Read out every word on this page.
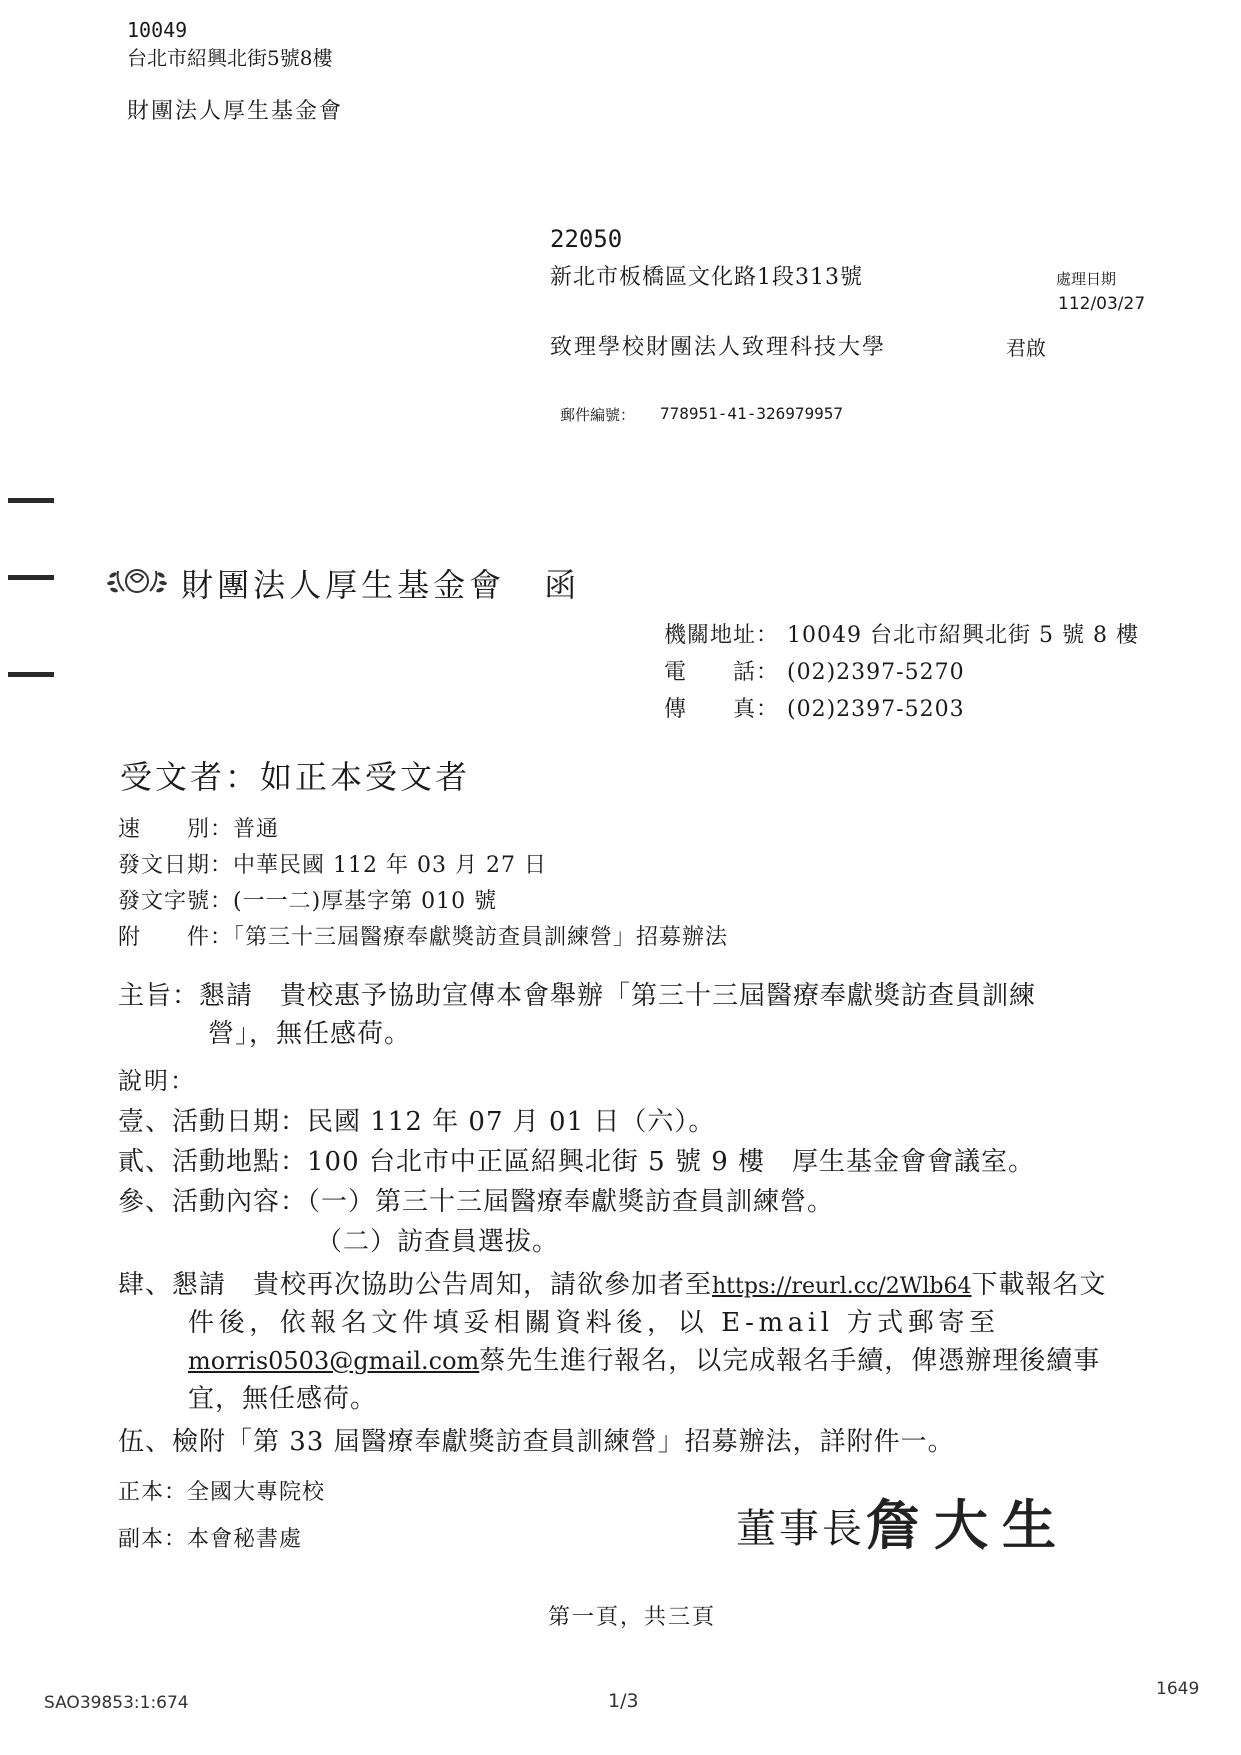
10049
台北市紹興北街5號8樓
財團法人厚生基金會
22050
新北市板橋區文化路1段313號	處理日期
112/03/27
致理學校財團法人致理科技大學	君啟
郵件編號： 778951-41-326979957
財團法人厚生基金會 函
機關地址： 10049 台北市紹興北街 5 號 8 樓
電　　話： (02)2397-5270
傳　　真： (02)2397-5203
受文者：如正本受文者
速　　別：普通
發文日期：中華民國 112 年 03 月 27 日
發文字號：(一一二)厚基字第 010 號
附　　件：「第三十三屆醫療奉獻獎訪查員訓練營」招募辦法
主旨：懇請　貴校惠予協助宣傳本會舉辦「第三十三屆醫療奉獻獎訪查員訓練
營」，無任感荷。
說明：
壹、活動日期：民國 112 年 07 月 01 日（六）。
貳、活動地點：100 台北市中正區紹興北街 5 號 9 樓　厚生基金會會議室。
參、活動內容：（一）第三十三屆醫療奉獻獎訪查員訓練營。
（二）訪查員選拔。
肆、懇請　貴校再次協助公告周知，請欲參加者至https://reurl.cc/2Wlb64下載報名文
件後，依報名文件填妥相關資料後，以 E-mail 方式郵寄至
morris0503@gmail.com蔡先生進行報名，以完成報名手續，俾憑辦理後續事
宜，無任感荷。
伍、檢附「第 33 屆醫療奉獻獎訪查員訓練營」招募辦法，詳附件一。
正本：全國大專院校
副本：本會秘書處	董事長 詹大生
第一頁，共三頁
SAO39853:1:674	1/3
1649
